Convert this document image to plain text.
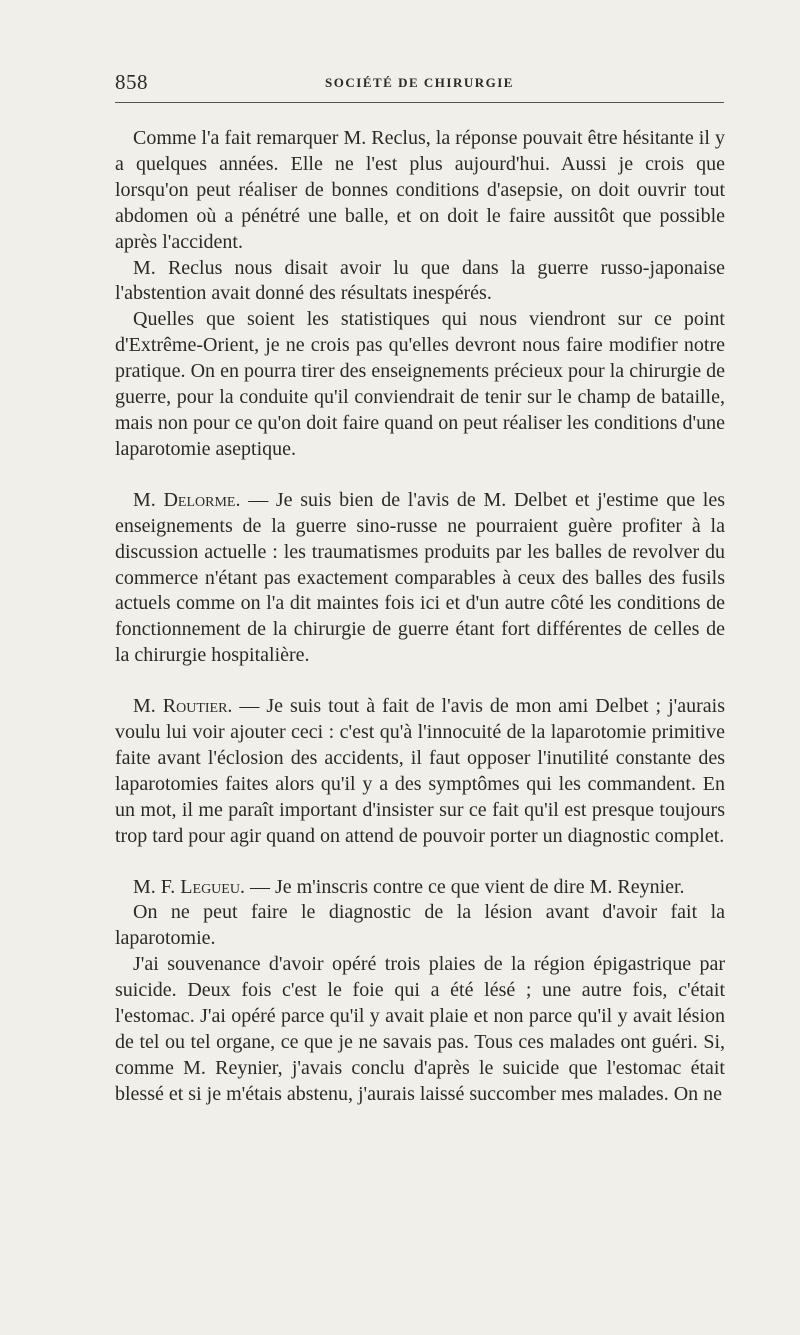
858	SOCIÉTÉ DE CHIRURGIE

Comme l'a fait remarquer M. Reclus, la réponse pouvait être hésitante il y a quelques années. Elle ne l'est plus aujourd'hui. Aussi je crois que lorsqu'on peut réaliser de bonnes conditions d'asepsie, on doit ouvrir tout abdomen où a pénétré une balle, et on doit le faire aussitôt que possible après l'accident.

M. Reclus nous disait avoir lu que dans la guerre russo-japonaise l'abstention avait donné des résultats inespérés.

Quelles que soient les statistiques qui nous viendront sur ce point d'Extrême-Orient, je ne crois pas qu'elles devront nous faire modifier notre pratique. On en pourra tirer des enseignements précieux pour la chirurgie de guerre, pour la conduite qu'il conviendrait de tenir sur le champ de bataille, mais non pour ce qu'on doit faire quand on peut réaliser les conditions d'une laparotomie aseptique.

M. Delorme. — Je suis bien de l'avis de M. Delbet et j'estime que les enseignements de la guerre sino-russe ne pourraient guère profiter à la discussion actuelle : les traumatismes produits par les balles de revolver du commerce n'étant pas exactement comparables à ceux des balles des fusils actuels comme on l'a dit maintes fois ici et d'un autre côté les conditions de fonctionnement de la chirurgie de guerre étant fort différentes de celles de la chirurgie hospitalière.

M. Routier. — Je suis tout à fait de l'avis de mon ami Delbet ; j'aurais voulu lui voir ajouter ceci : c'est qu'à l'innocuité de la laparotomie primitive faite avant l'éclosion des accidents, il faut opposer l'inutilité constante des laparotomies faites alors qu'il y a des symptômes qui les commandent. En un mot, il me paraît important d'insister sur ce fait qu'il est presque toujours trop tard pour agir quand on attend de pouvoir porter un diagnostic complet.

M. F. Legueu. — Je m'inscris contre ce que vient de dire M. Reynier.

On ne peut faire le diagnostic de la lésion avant d'avoir fait la laparotomie.

J'ai souvenance d'avoir opéré trois plaies de la région épigastrique par suicide. Deux fois c'est le foie qui a été lésé ; une autre fois, c'était l'estomac. J'ai opéré parce qu'il y avait plaie et non parce qu'il y avait lésion de tel ou tel organe, ce que je ne savais pas. Tous ces malades ont guéri. Si, comme M. Reynier, j'avais conclu d'après le suicide que l'estomac était blessé et si je m'étais abstenu, j'aurais laissé succomber mes malades. On ne
